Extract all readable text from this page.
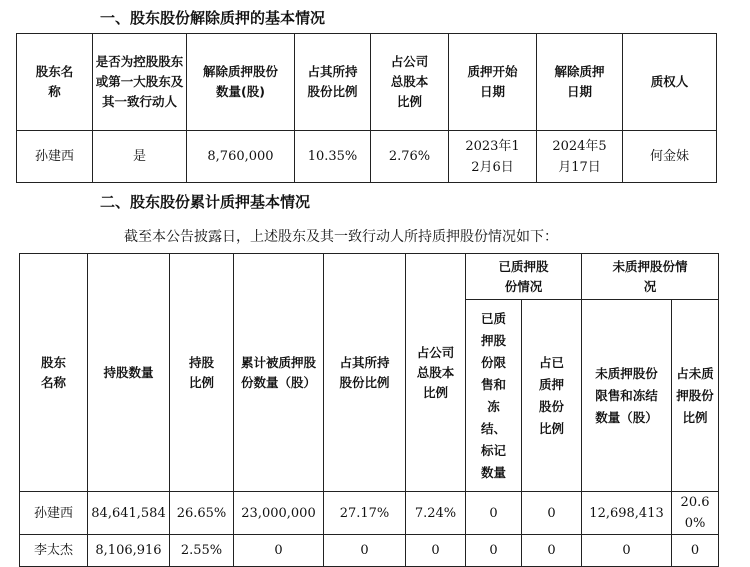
一、股东股份解除质押的基本情况
股东名称	是否为控股股东或第一大股东及其一致行动人	解除质押股份数量(股)	占其所持股份比例	占公司总股本比例	质押开始日期	解除质押日期	质权人
孙建西	是	8,760,000	10.35%	2.76%	2023年12月6日	2024年5月17日	何金妹
二、股东股份累计质押基本情况
截至本公告披露日，上述股东及其一致行动人所持质押股份情况如下：
股东名称	持股数量	持股比例	累计被质押股份数量（股）	占其所持股份比例	占公司总股本比例	已质押股份情况		未质押股份情况	
						已质押股份限售和冻结、标记数量	占已质押股份比例	未质押股份限售和冻结数量（股）	占未质押股份比例
孙建西	84,641,584	26.65%	23,000,000	27.17%	7.24%	0	0	12,698,413	20.60%
李太杰	8,106,916	2.55%	0	0	0	0	0	0	0
